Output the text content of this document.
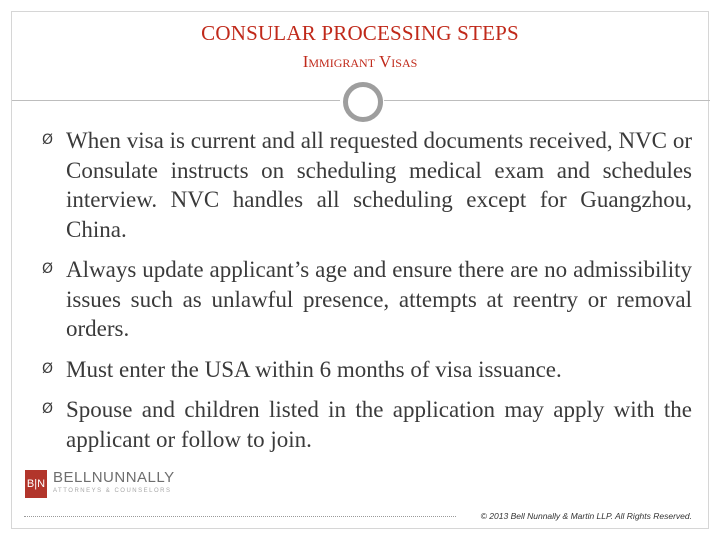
CONSULAR PROCESSING STEPS
Immigrant Visas
Ø When visa is current and all requested documents received, NVC or Consulate instructs on scheduling medical exam and schedules interview. NVC handles all scheduling except for Guangzhou, China.
Ø Always update applicant’s age and ensure there are no admissibility issues such as unlawful presence, attempts at reentry or removal orders.
Ø Must enter the USA within 6 months of visa issuance.
Ø Spouse and children listed in the application may apply with the applicant or follow to join.
B|N BELLNUNNALLY
ATTORNEYS & COUNSELORS
© 2013 Bell Nunnally & Martin LLP. All Rights Reserved.
